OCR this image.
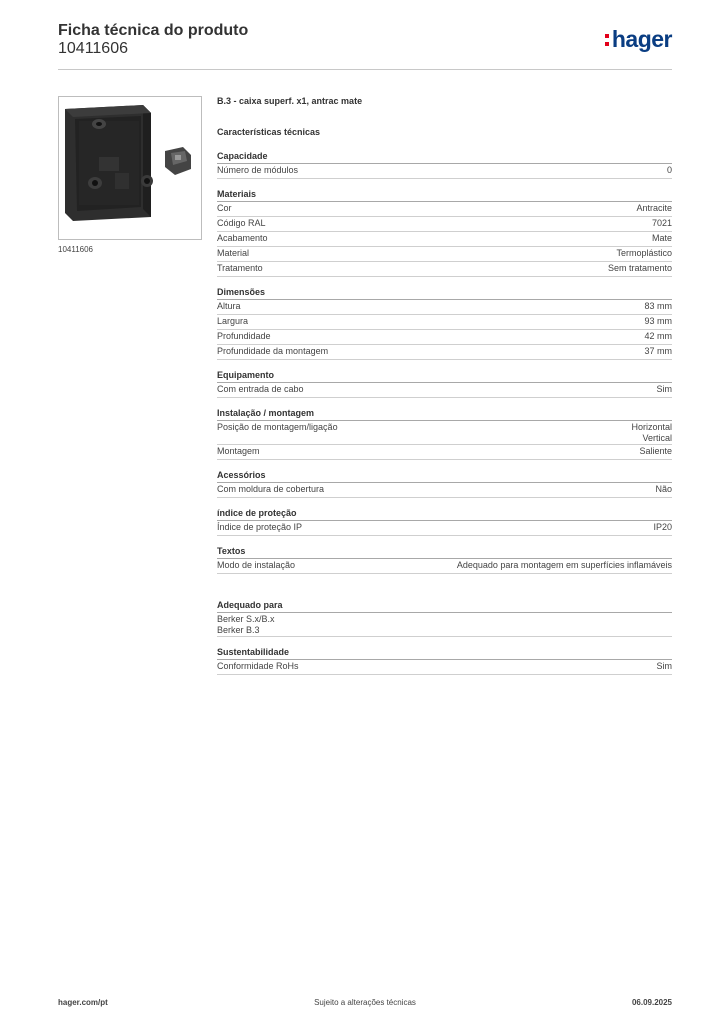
Ficha técnica do produto
10411606	hager
10411606
B.3 - caixa superf. x1, antrac mate
Características técnicas
Capacidade
Número de módulos	0
Materiais
Cor	Antracite
Código RAL	7021
Acabamento	Mate
Material	Termoplástico
Tratamento	Sem tratamento
Dimensões
Altura	83 mm
Largura	93 mm
Profundidade	42 mm
Profundidade da montagem	37 mm
Equipamento
Com entrada de cabo	Sim
Instalação / montagem
Posição de montagem/ligação	Horizontal
Vertical
Montagem	Saliente
Acessórios
Com moldura de cobertura	Não
índice de proteção
Índice de proteção IP	IP20
Textos
Modo de instalação	Adequado para montagem em superfícies inflamáveis
Adequado para
Berker S.x/B.x
Berker B.3
Sustentabilidade
Conformidade RoHs	Sim
hager.com/pt	Sujeito a alterações técnicas	06.09.2025
